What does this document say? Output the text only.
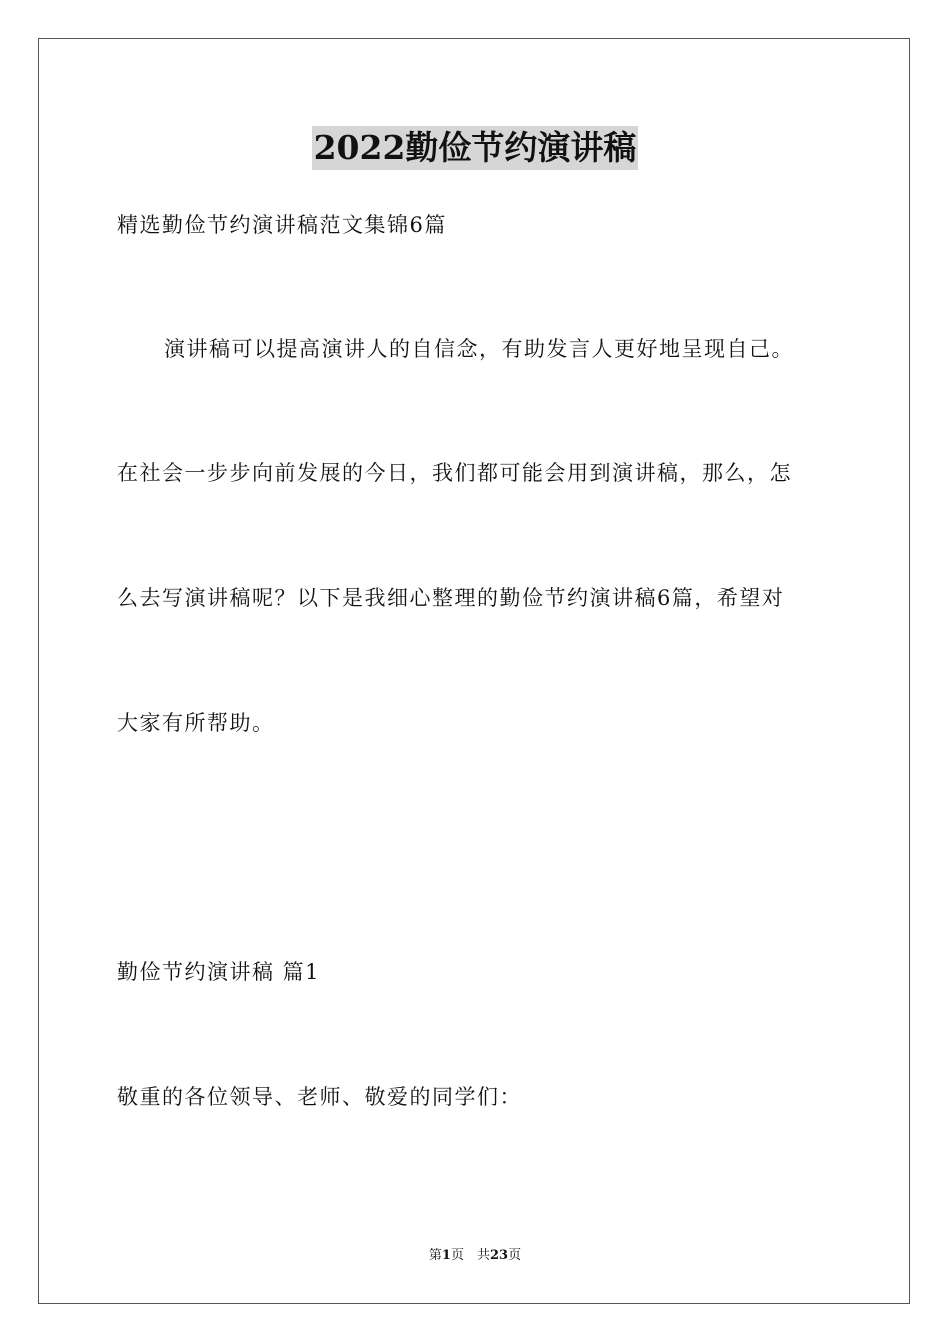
2022勤俭节约演讲稿
精选勤俭节约演讲稿范文集锦6篇
演讲稿可以提高演讲人的自信念，有助发言人更好地呈现自己。
在社会一步步向前发展的今日，我们都可能会用到演讲稿，那么，怎
么去写演讲稿呢？以下是我细心整理的勤俭节约演讲稿6篇，希望对
大家有所帮助。
勤俭节约演讲稿 篇1
敬重的各位领导、老师、敬爱的同学们：
第1页　共23页
